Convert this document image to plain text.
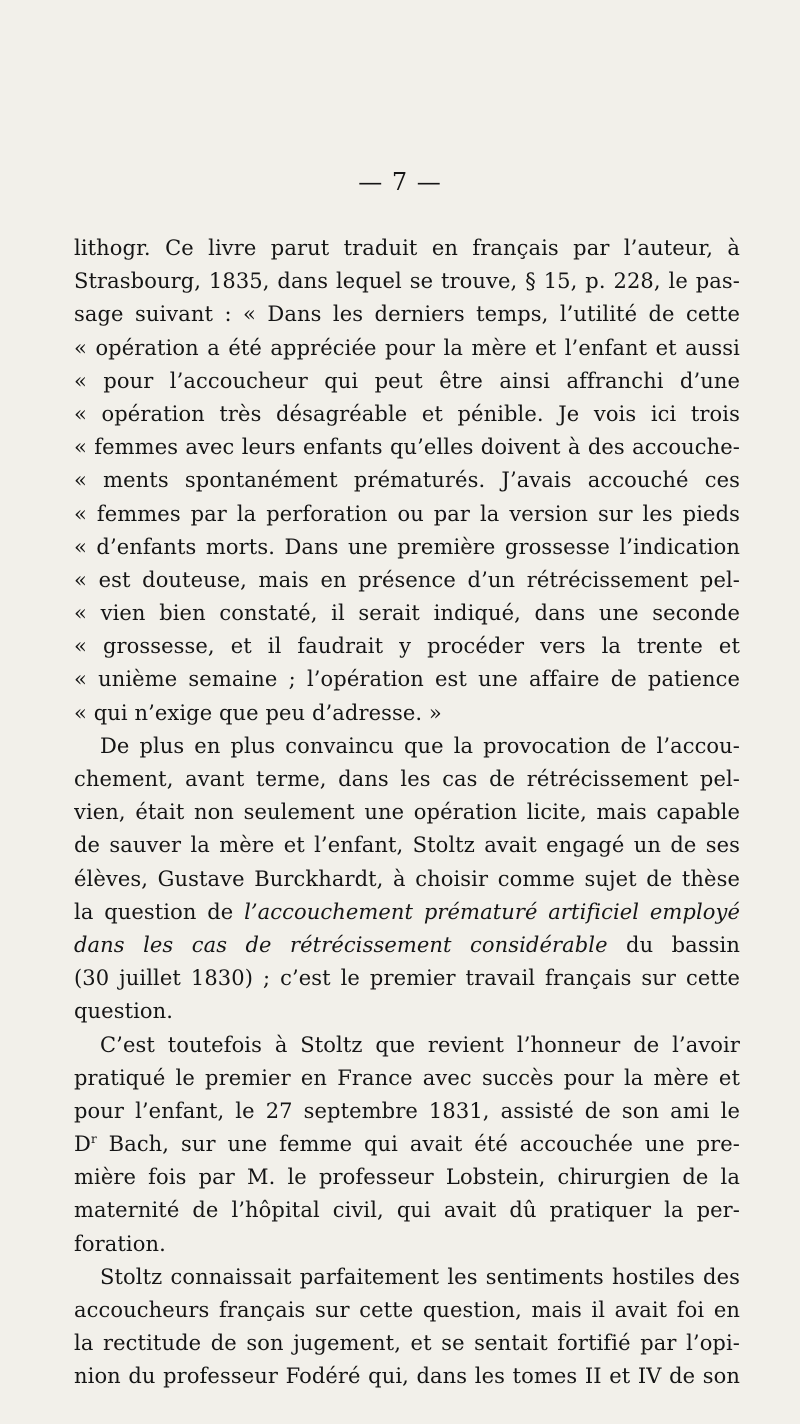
— 7 —
lithogr. Ce livre parut traduit en français par l’auteur, à
Strasbourg, 1835, dans lequel se trouve, § 15, p. 228, le pas-
sage suivant : « Dans les derniers temps, l’utilité de cette
« opération a été appréciée pour la mère et l’enfant et aussi
« pour l’accoucheur qui peut être ainsi affranchi d’une
« opération très désagréable et pénible. Je vois ici trois
« femmes avec leurs enfants qu’elles doivent à des accouche-
« ments spontanément prématurés. J’avais accouché ces
« femmes par la perforation ou par la version sur les pieds
« d’enfants morts. Dans une première grossesse l’indication
« est douteuse, mais en présence d’un rétrécissement pel-
« vien bien constaté, il serait indiqué, dans une seconde
« grossesse, et il faudrait y procéder vers la trente et
« unième semaine ; l’opération est une affaire de patience
« qui n’exige que peu d’adresse. »
De plus en plus convaincu que la provocation de l’accou-
chement, avant terme, dans les cas de rétrécissement pel-
vien, était non seulement une opération licite, mais capable
de sauver la mère et l’enfant, Stoltz avait engagé un de ses
élèves, Gustave Burckhardt, à choisir comme sujet de thèse
la question de l’accouchement prématuré artificiel employé
dans les cas de rétrécissement considérable du bassin
(30 juillet 1830) ; c’est le premier travail français sur cette
question.
C’est toutefois à Stoltz que revient l’honneur de l’avoir
pratiqué le premier en France avec succès pour la mère et
pour l’enfant, le 27 septembre 1831, assisté de son ami le
$D^r$ Bach, sur une femme qui avait été accouchée une pre-
mière fois par M. le professeur Lobstein, chirurgien de la
maternité de l’hôpital civil, qui avait dû pratiquer la per-
foration.
Stoltz connaissait parfaitement les sentiments hostiles des
accoucheurs français sur cette question, mais il avait foi en
la rectitude de son jugement, et se sentait fortifié par l’opi-
nion du professeur Fodéré qui, dans les tomes II et IV de son
